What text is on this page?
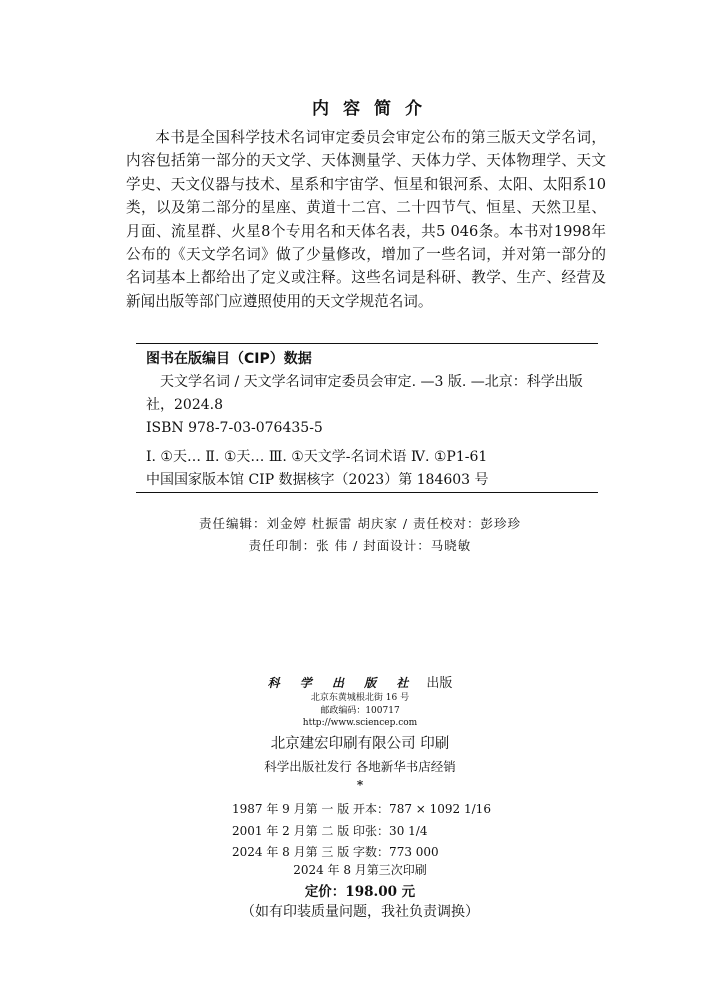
内容简介
本书是全国科学技术名词审定委员会审定公布的第三版天文学名词，内容包括第一部分的天文学、天体测量学、天体力学、天体物理学、天文学史、天文仪器与技术、星系和宇宙学、恒星和银河系、太阳、太阳系10类，以及第二部分的星座、黄道十二宫、二十四节气、恒星、天然卫星、月面、流星群、火星8个专用名和天体名表，共5 046条。本书对1998年公布的《天文学名词》做了少量修改，增加了一些名词，并对第一部分的名词基本上都给出了定义或注释。这些名词是科研、教学、生产、经营及新闻出版等部门应遵照使用的天文学规范名词。
图书在版编目（CIP）数据
天文学名词 / 天文学名词审定委员会审定. —3 版. —北京：科学出版社，2024.8
ISBN 978-7-03-076435-5
Ⅰ. ①天… Ⅱ. ①天… Ⅲ. ①天文学-名词术语 Ⅳ. ①P1-61
中国国家版本馆 CIP 数据核字（2023）第 184603 号
责任编辑：刘金婷 杜振雷 胡庆家 / 责任校对：彭珍珍
责任印制：张 伟 / 封面设计：马晓敏
科 学 出 版 社 出版
北京东黄城根北街 16 号
邮政编码：100717
http://www.sciencep.com
北京建宏印刷有限公司 印刷
科学出版社发行 各地新华书店经销
*
1987 年 9 月第 一 版 开本：787 × 1092 1/16
2001 年 2 月第 二 版 印张：30 1/4
2024 年 8 月第 三 版 字数：773 000
2024 年 8 月第三次印刷
定价：198.00 元
（如有印装质量问题，我社负责调换）
